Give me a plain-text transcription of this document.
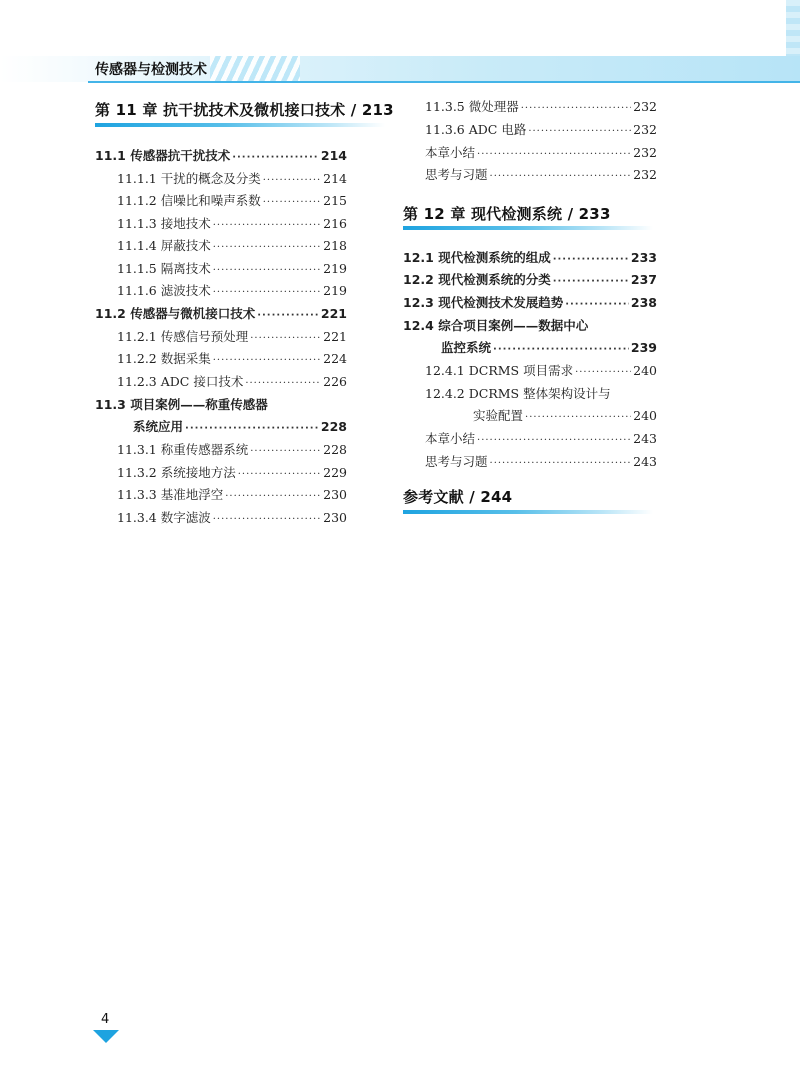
传感器与检测技术
第 11 章 抗干扰技术及微机接口技术 / 213
11.1 传感器抗干扰技术 ·····	214
11.1.1 干扰的概念及分类 ·····	214
11.1.2 信噪比和噪声系数 ·····	215
11.1.3 接地技术 ·····	216
11.1.4 屏蔽技术 ·····	218
11.1.5 隔离技术 ·····	219
11.1.6 滤波技术 ·····	219
11.2 传感器与微机接口技术 ·····	221
11.2.1 传感信号预处理 ·····	221
11.2.2 数据采集 ·····	224
11.2.3 ADC 接口技术 ·····	226
11.3 项目案例——称重传感器
系统应用 ·····	228
11.3.1 称重传感器系统 ·····	228
11.3.2 系统接地方法 ·····	229
11.3.3 基准地浮空 ·····	230
11.3.4 数字滤波 ·····	230
11.3.5 微处理器 ·····	232
11.3.6 ADC 电路 ·····	232
本章小结 ·····	232
思考与习题 ·····	232
第 12 章 现代检测系统 / 233
12.1 现代检测系统的组成 ·····	233
12.2 现代检测系统的分类 ·····	237
12.3 现代检测技术发展趋势 ·····	238
12.4 综合项目案例——数据中心
监控系统 ·····	239
12.4.1 DCRMS 项目需求 ·····	240
12.4.2 DCRMS 整体架构设计与
实验配置 ·····	240
本章小结 ·····	243
思考与习题 ·····	243
参考文献 / 244
4
